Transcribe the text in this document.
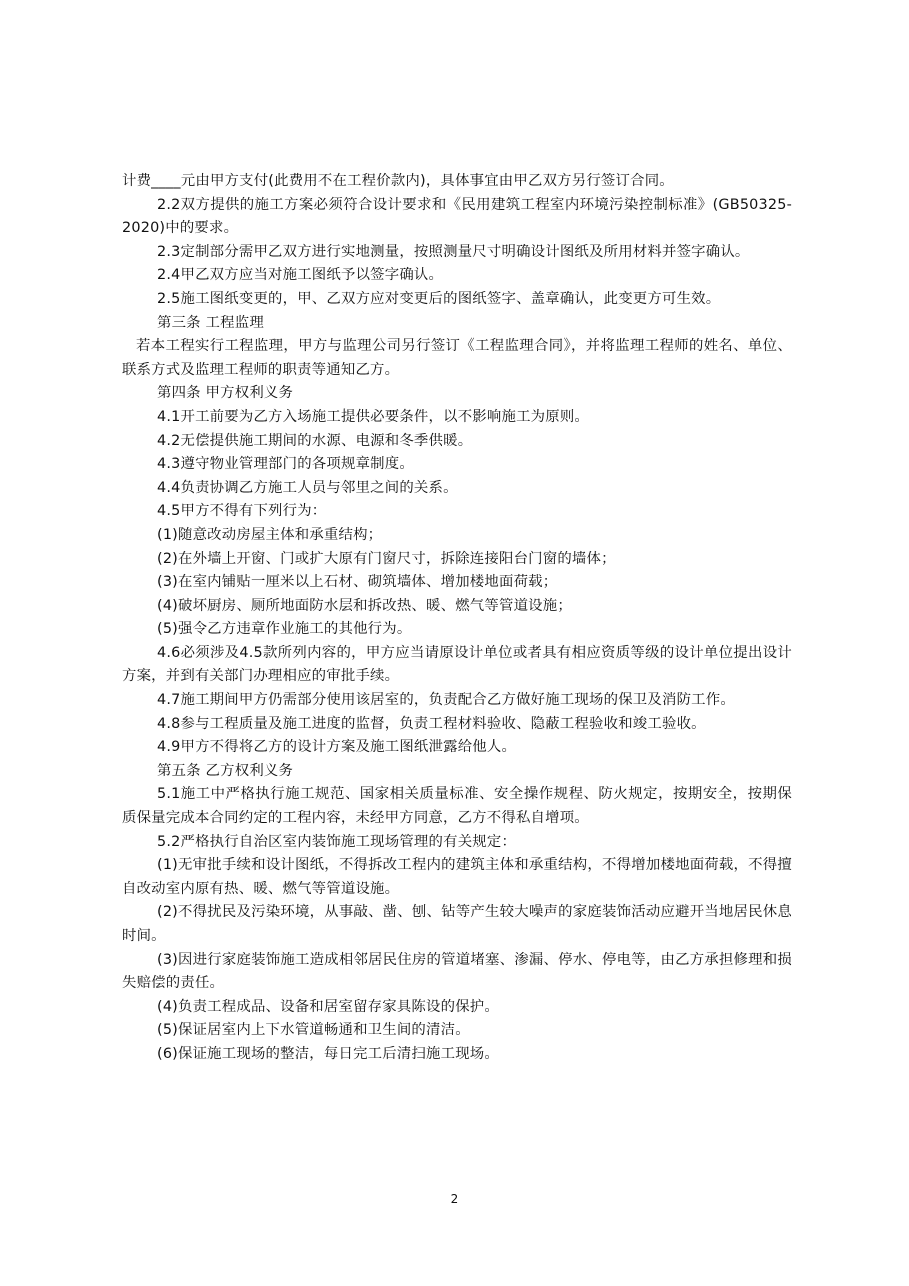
计费____元由甲方支付(此费用不在工程价款内)，具体事宜由甲乙双方另行签订合同。

2.2双方提供的施工方案必须符合设计要求和《民用建筑工程室内环境污染控制标准》(GB50325-2020)中的要求。

2.3定制部分需甲乙双方进行实地测量，按照测量尺寸明确设计图纸及所用材料并签字确认。

2.4甲乙双方应当对施工图纸予以签字确认。

2.5施工图纸变更的，甲、乙双方应对变更后的图纸签字、盖章确认，此变更方可生效。

第三条 工程监理

若本工程实行工程监理，甲方与监理公司另行签订《工程监理合同》，并将监理工程师的姓名、单位、联系方式及监理工程师的职责等通知乙方。

第四条 甲方权利义务

4.1开工前要为乙方入场施工提供必要条件，以不影响施工为原则。

4.2无偿提供施工期间的水源、电源和冬季供暖。

4.3遵守物业管理部门的各项规章制度。

4.4负责协调乙方施工人员与邻里之间的关系。

4.5甲方不得有下列行为：

(1)随意改动房屋主体和承重结构；

(2)在外墙上开窗、门或扩大原有门窗尺寸，拆除连接阳台门窗的墙体；

(3)在室内铺贴一厘米以上石材、砌筑墙体、增加楼地面荷载；

(4)破坏厨房、厕所地面防水层和拆改热、暖、燃气等管道设施；

(5)强令乙方违章作业施工的其他行为。

4.6必须涉及4.5款所列内容的，甲方应当请原设计单位或者具有相应资质等级的设计单位提出设计方案，并到有关部门办理相应的审批手续。

4.7施工期间甲方仍需部分使用该居室的，负责配合乙方做好施工现场的保卫及消防工作。

4.8参与工程质量及施工进度的监督，负责工程材料验收、隐蔽工程验收和竣工验收。

4.9甲方不得将乙方的设计方案及施工图纸泄露给他人。

第五条 乙方权利义务

5.1施工中严格执行施工规范、国家相关质量标准、安全操作规程、防火规定，按期安全，按期保质保量完成本合同约定的工程内容，未经甲方同意，乙方不得私自增项。

5.2严格执行自治区室内装饰施工现场管理的有关规定：

(1)无审批手续和设计图纸，不得拆改工程内的建筑主体和承重结构，不得增加楼地面荷载，不得擅自改动室内原有热、暖、燃气等管道设施。

(2)不得扰民及污染环境，从事敲、凿、刨、钻等产生较大噪声的家庭装饰活动应避开当地居民休息时间。

(3)因进行家庭装饰施工造成相邻居民住房的管道堵塞、渗漏、停水、停电等，由乙方承担修理和损失赔偿的责任。

(4)负责工程成品、设备和居室留存家具陈设的保护。

(5)保证居室内上下水管道畅通和卫生间的清洁。

(6)保证施工现场的整洁，每日完工后清扫施工现场。

2
